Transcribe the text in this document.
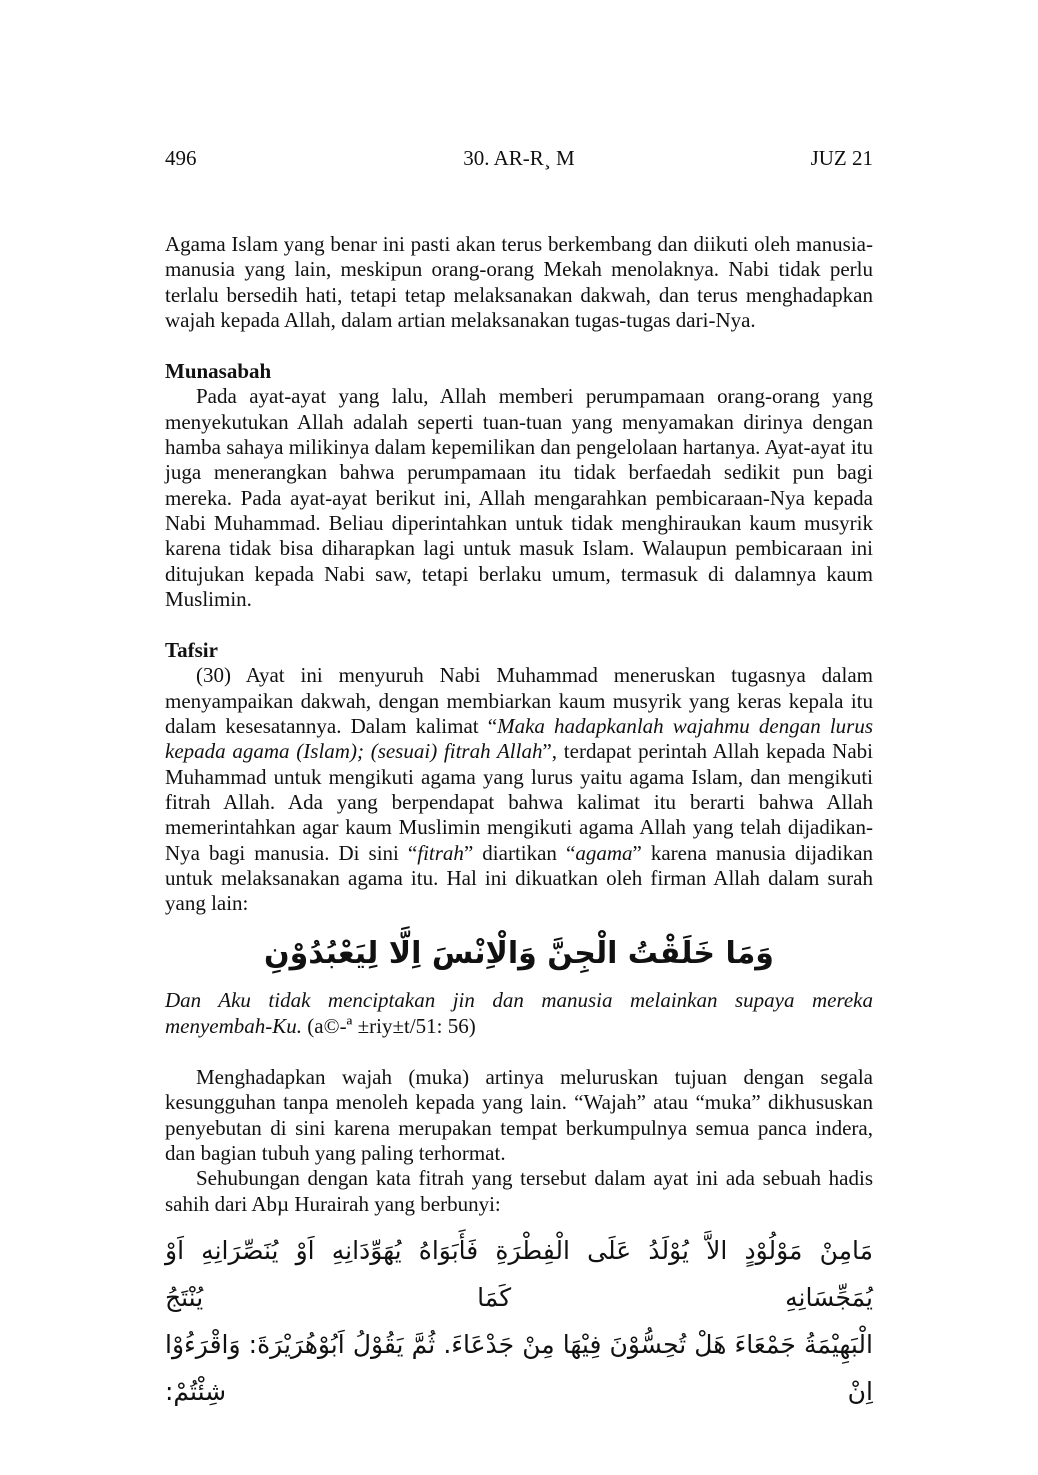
496	30. AR-R¸ M	JUZ 21

Agama Islam yang benar ini pasti akan terus berkembang dan diikuti oleh manusia-manusia yang lain, meskipun orang-orang Mekah menolaknya. Nabi tidak perlu terlalu bersedih hati, tetapi tetap melaksanakan dakwah, dan terus menghadapkan wajah kepada Allah, dalam artian melaksanakan tugas-tugas dari-Nya.

Munasabah

Pada ayat-ayat yang lalu, Allah memberi perumpamaan orang-orang yang menyekutukan Allah adalah seperti tuan-tuan yang menyamakan dirinya dengan hamba sahaya milikinya dalam kepemilikan dan pengelolaan hartanya. Ayat-ayat itu juga menerangkan bahwa perumpamaan itu tidak berfaedah sedikit pun bagi mereka. Pada ayat-ayat berikut ini, Allah mengarahkan pembicaraan-Nya kepada Nabi Muhammad. Beliau diperintahkan untuk tidak menghiraukan kaum musyrik karena tidak bisa diharapkan lagi untuk masuk Islam. Walaupun pembicaraan ini ditujukan kepada Nabi saw, tetapi berlaku umum, termasuk di dalamnya kaum Muslimin.

Tafsir

(30) Ayat ini menyuruh Nabi Muhammad meneruskan tugasnya dalam menyampaikan dakwah, dengan membiarkan kaum musyrik yang keras kepala itu dalam kesesatannya. Dalam kalimat “Maka hadapkanlah wajahmu dengan lurus kepada agama (Islam); (sesuai) fitrah Allah”, terdapat perintah Allah kepada Nabi Muhammad untuk mengikuti agama yang lurus yaitu agama Islam, dan mengikuti fitrah Allah. Ada yang berpendapat bahwa kalimat itu berarti bahwa Allah memerintahkan agar kaum Muslimin mengikuti agama Allah yang telah dijadikan-Nya bagi manusia. Di sini “fitrah” diartikan “agama” karena manusia dijadikan untuk melaksanakan agama itu. Hal ini dikuatkan oleh firman Allah dalam surah yang lain:

وَمَا خَلَقْتُ الْجِنَّ وَالْاِنْسَ اِلَّا لِيَعْبُدُوْنِ

Dan Aku tidak menciptakan jin dan manusia melainkan supaya mereka menyembah-Ku. (a©-ª ±riy±t/51: 56)

Menghadapkan wajah (muka) artinya meluruskan tujuan dengan segala kesungguhan tanpa menoleh kepada yang lain. “Wajah” atau “muka” dikhususkan penyebutan di sini karena merupakan tempat berkumpulnya semua panca indera, dan bagian tubuh yang paling terhormat.

Sehubungan dengan kata fitrah yang tersebut dalam ayat ini ada sebuah hadis sahih dari Abµ Hurairah yang berbunyi:

مَامِنْ مَوْلُوْدٍ الاَّ يُوْلَدُ عَلَى الْفِطْرَةِ فَأَبَوَاهُ يُهَوِّدَانِهِ اَوْ يُنَصِّرَانِهِ اَوْ يُمَجِّسَانِهِ كَمَا يُنْتَجُ
الْبَهِيْمَةُ جَمْعَاءَ هَلْ تُحِسُّوْنَ فِيْهَا مِنْ جَدْعَاءَ. ثُمَّ يَقُوْلُ اَبُوْهُرَيْرَةَ: وَاقْرَءُوْا اِنْ شِئْتُمْ:
